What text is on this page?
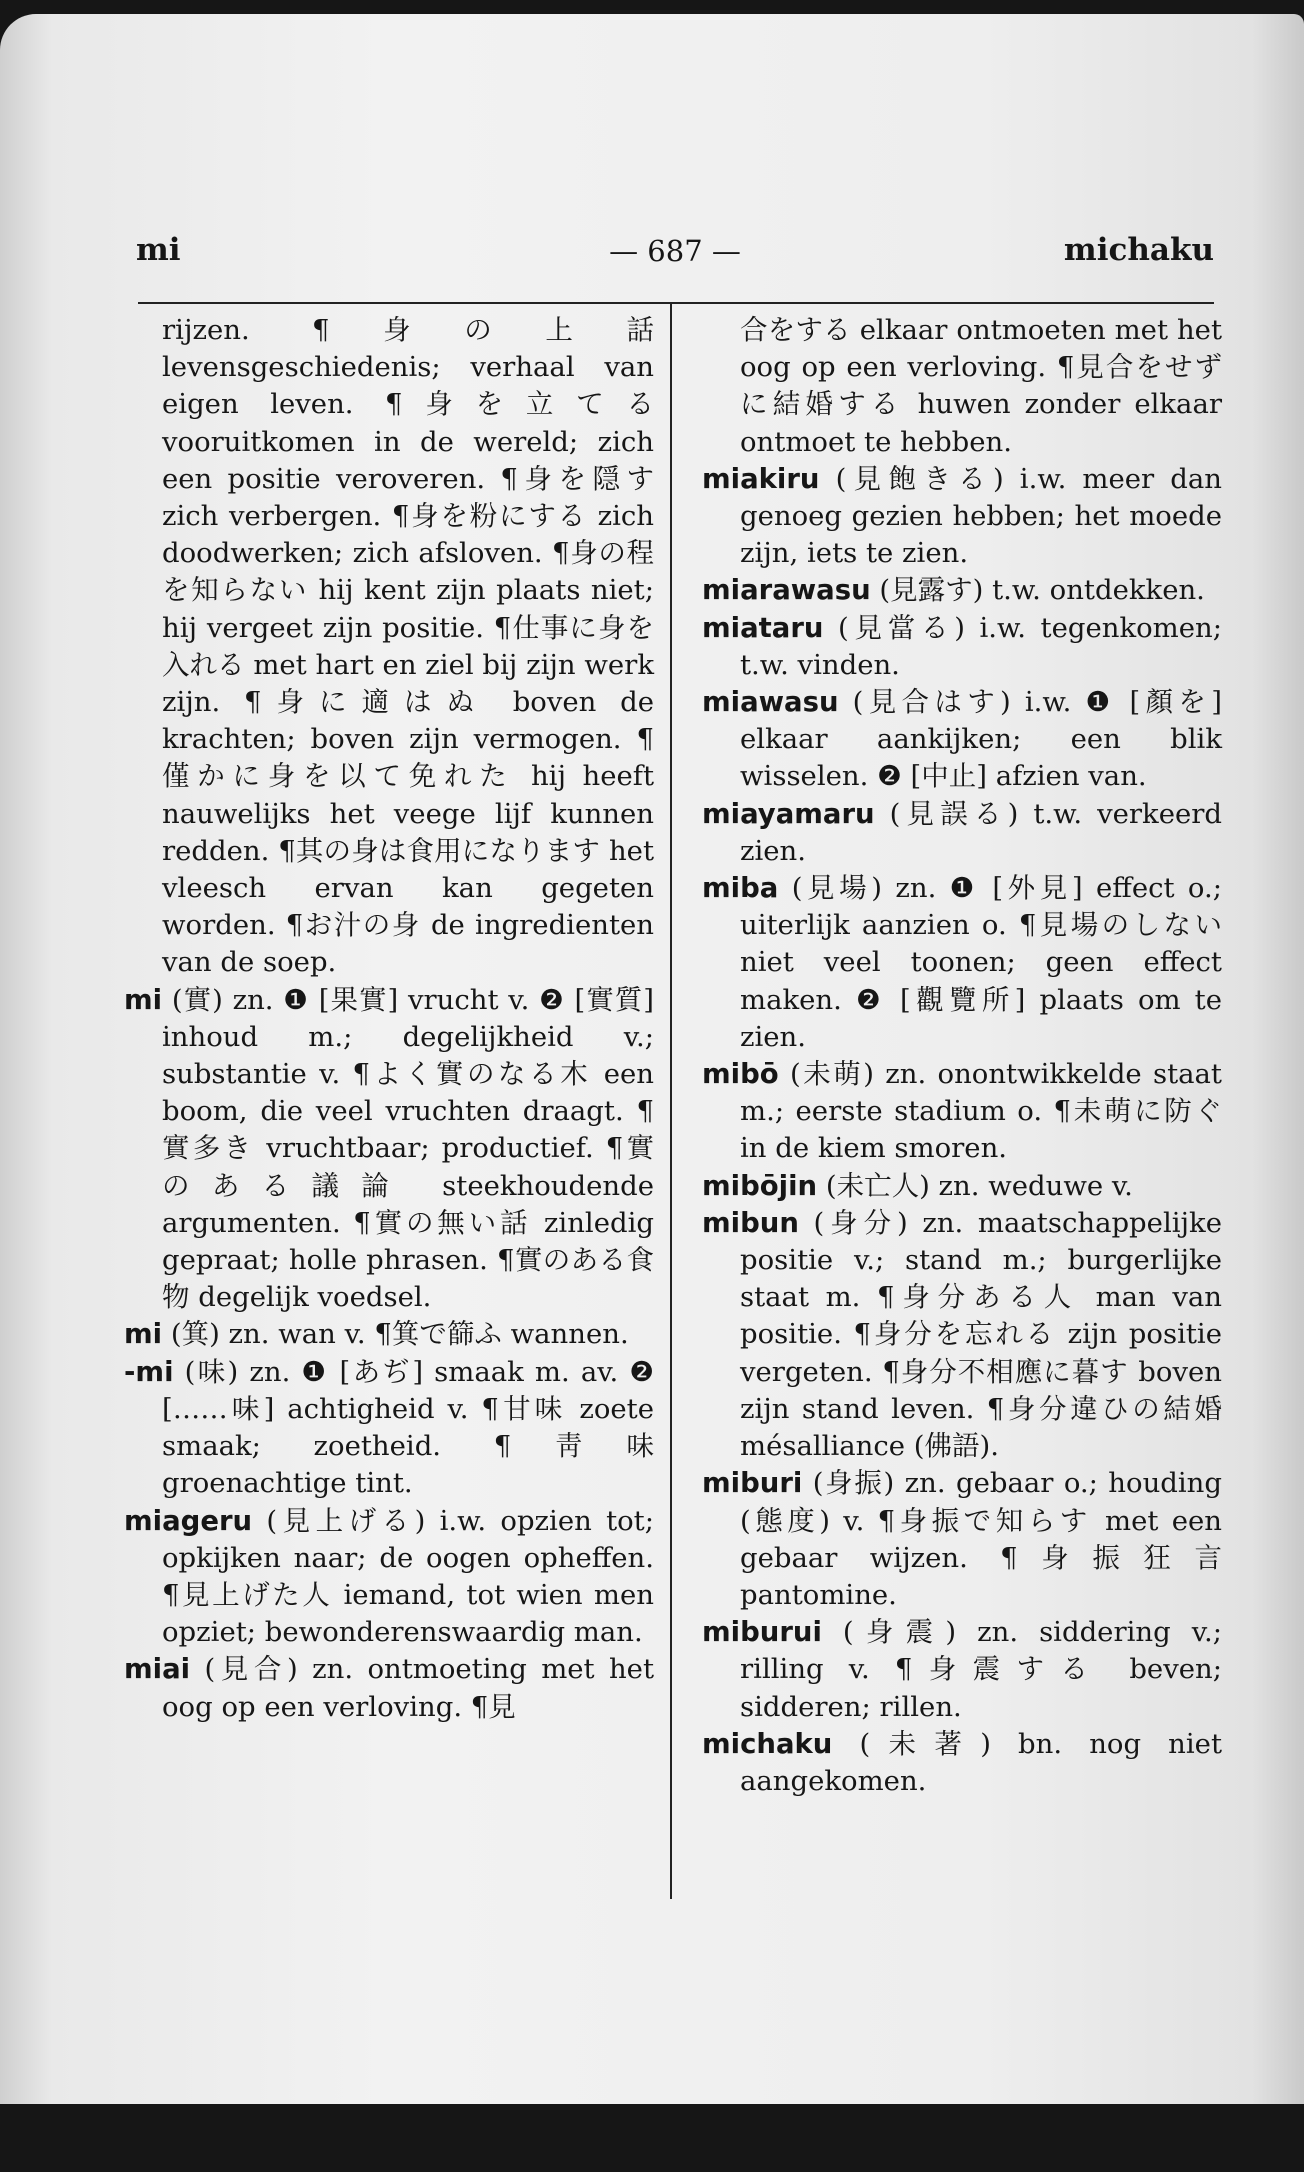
mi	— 687 —	michaku

rijzen. ¶身の上話 levensgeschiedenis; verhaal van eigen leven. ¶身を立てる vooruitkomen in de wereld; zich een positie veroveren. ¶身を隠す zich verbergen. ¶身を粉にする zich doodwerken; zich afsloven. ¶身の程を知らない hij kent zijn plaats niet; hij vergeet zijn positie. ¶仕事に身を入れる met hart en ziel bij zijn werk zijn. ¶身に適はぬ boven de krachten; boven zijn vermogen. ¶僅かに身を以て免れた hij heeft nauwelijks het veege lijf kunnen redden. ¶其の身は食用になります het vleesch ervan kan gegeten worden. ¶お汁の身 de ingredienten van de soep.

mi (實) zn. ❶ [果實] vrucht v. ❷ [實質] inhoud m.; degelijkheid v.; substantie v. ¶よく實のなる木 een boom, die veel vruchten draagt. ¶實多き vruchtbaar; productief. ¶實のある議論 steekhoudende argumenten. ¶實の無い話 zinledig gepraat; holle phrasen. ¶實のある食物 degelijk voedsel.

mi (箕) zn. wan v. ¶箕で篩ふ wannen.

-mi (味) zn. ❶ [あぢ] smaak m. av. ❷ [……味] achtigheid v. ¶甘味 zoete smaak; zoetheid. ¶靑味 groenachtige tint.

miageru (見上げる) i.w. opzien tot; opkijken naar; de oogen opheffen. ¶見上げた人 iemand, tot wien men opziet; bewonderenswaardig man.

miai (見合) zn. ontmoeting met het oog op een verloving. ¶見

合をする elkaar ontmoeten met het oog op een verloving. ¶見合をせずに結婚する huwen zonder elkaar ontmoet te hebben.

miakiru (見飽きる) i.w. meer dan genoeg gezien hebben; het moede zijn, iets te zien.

miarawasu (見露す) t.w. ontdekken.

miataru (見當る) i.w. tegenkomen; t.w. vinden.

miawasu (見合はす) i.w. ❶ [顏を] elkaar aankijken; een blik wisselen. ❷ [中止] afzien van.

miayamaru (見誤る) t.w. verkeerd zien.

miba (見場) zn. ❶ [外見] effect o.; uiterlijk aanzien o. ¶見場のしない niet veel toonen; geen effect maken. ❷ [觀覽所] plaats om te zien.

mibō (未萌) zn. onontwikkelde staat m.; eerste stadium o. ¶未萌に防ぐ in de kiem smoren.

mibōjin (未亡人) zn. weduwe v.

mibun (身分) zn. maatschappelijke positie v.; stand m.; burgerlijke staat m. ¶身分ある人 man van positie. ¶身分を忘れる zijn positie vergeten. ¶身分不相應に暮す boven zijn stand leven. ¶身分違ひの結婚 mésalliance (佛語).

miburi (身振) zn. gebaar o.; houding (態度) v. ¶身振で知らす met een gebaar wijzen. ¶身振狂言 pantomine.

miburui (身震) zn. siddering v.; rilling v. ¶身震する beven; sidderen; rillen.

michaku (未著) bn. nog niet aangekomen.
